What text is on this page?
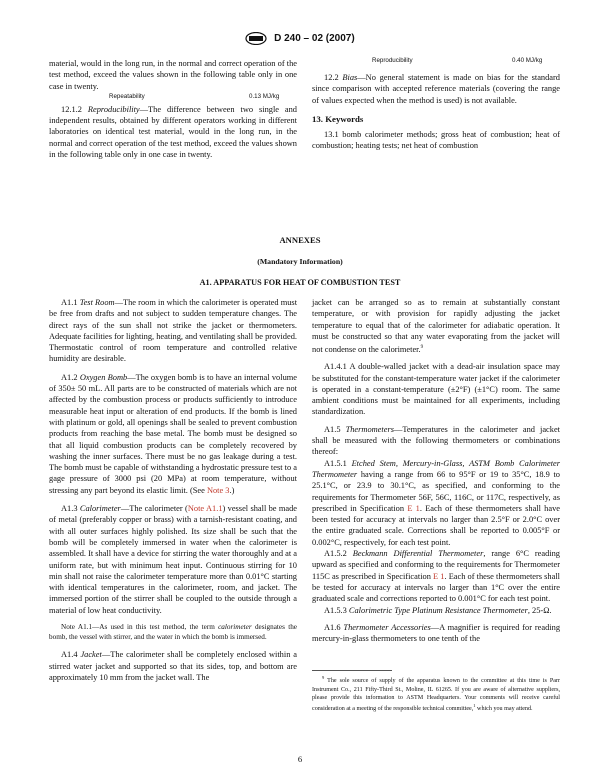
D 240 – 02 (2007)

material, would in the long run, in the normal and correct operation of the test method, exceed the values shown in the following table only in one case in twenty.

Repeatability	0.13 MJ/kg

12.1.2 Reproducibility—The difference between two single and independent results, obtained by different operators working in different laboratories on identical test material, would in the long run, in the normal and correct operation of the test method, exceed the values shown in the following table only in one case in twenty.

Reproducibility	0.40 MJ/kg

12.2 Bias—No general statement is made on bias for the standard since comparison with accepted reference materials (covering the range of values expected when the method is used) is not available.

13. Keywords

13.1 bomb calorimeter methods; gross heat of combustion; heat of combustion; heating tests; net heat of combustion

ANNEXES
(Mandatory Information)
A1. APPARATUS FOR HEAT OF COMBUSTION TEST

A1.1 Test Room—The room in which the calorimeter is operated must be free from drafts and not subject to sudden temperature changes. The direct rays of the sun shall not strike the jacket or thermometers. Adequate facilities for lighting, heating, and ventilating shall be provided. Thermostatic control of room temperature and controlled relative humidity are desirable.

A1.2 Oxygen Bomb—The oxygen bomb is to have an internal volume of 350± 50 mL. All parts are to be constructed of materials which are not affected by the combustion process or products sufficiently to introduce measurable heat input or alteration of end products. If the bomb is lined with platinum or gold, all openings shall be sealed to prevent combustion products from reaching the base metal. The bomb must be designed so that all liquid combustion products can be completely recovered by washing the inner surfaces. There must be no gas leakage during a test. The bomb must be capable of withstanding a hydrostatic pressure test to a gage pressure of 3000 psi (20 MPa) at room temperature, without stressing any part beyond its elastic limit. (See Note 3.)

A1.3 Calorimeter—The calorimeter (Note A1.1) vessel shall be made of metal (preferably copper or brass) with a tarnish-resistant coating, and with all outer surfaces highly polished. Its size shall be such that the bomb will be completely immersed in water when the calorimeter is assembled. It shall have a device for stirring the water thoroughly and at a uniform rate, but with minimum heat input. Continuous stirring for 10 min shall not raise the calorimeter temperature more than 0.01°C starting with identical temperatures in the calorimeter, room, and jacket. The immersed portion of the stirrer shall be coupled to the outside through a material of low heat conductivity.

Note A1.1—As used in this test method, the term calorimeter designates the bomb, the vessel with stirrer, and the water in which the bomb is immersed.

A1.4 Jacket—The calorimeter shall be completely enclosed within a stirred water jacket and supported so that its sides, top, and bottom are approximately 10 mm from the jacket wall. The

jacket can be arranged so as to remain at substantially constant temperature, or with provision for rapidly adjusting the jacket temperature to equal that of the calorimeter for adiabatic operation. It must be constructed so that any water evaporating from the jacket will not condense on the calorimeter.$^9$

A1.4.1 A double-walled jacket with a dead-air insulation space may be substituted for the constant-temperature water jacket if the calorimeter is operated in a constant-temperature (±2°F) (±1°C) room. The same ambient conditions must be maintained for all experiments, including standardization.

A1.5 Thermometers—Temperatures in the calorimeter and jacket shall be measured with the following thermometers or combinations thereof:

A1.5.1 Etched Stem, Mercury-in-Glass, ASTM Bomb Calorimeter Thermometer having a range from 66 to 95°F or 19 to 35°C, 18.9 to 25.1°C, or 23.9 to 30.1°C, as specified, and conforming to the requirements for Thermometer 56F, 56C, 116C, or 117C, respectively, as prescribed in Specification E 1. Each of these thermometers shall have been tested for accuracy at intervals no larger than 2.5°F or 2.0°C over the entire graduated scale. Corrections shall be reported to 0.005°F or 0.002°C, respectively, for each test point.

A1.5.2 Beckmann Differential Thermometer, range 6°C reading upward as specified and conforming to the requirements for Thermometer 115C as prescribed in Specification E 1. Each of these thermometers shall be tested for accuracy at intervals no larger than 1°C over the entire graduated scale and corrections reported to 0.001°C for each test point.

A1.5.3 Calorimetric Type Platinum Resistance Thermometer, 25-Ω.

A1.6 Thermometer Accessories—A magnifier is required for reading mercury-in-glass thermometers to one tenth of the

$^9$ The sole source of supply of the apparatus known to the committee at this time is Parr Instrument Co., 211 Fifty-Third St., Moline, IL 61265. If you are aware of alternative suppliers, please provide this information to ASTM Headquarters. Your comments will receive careful consideration at a meeting of the responsible technical committee,$^1$ which you may attend.

6
